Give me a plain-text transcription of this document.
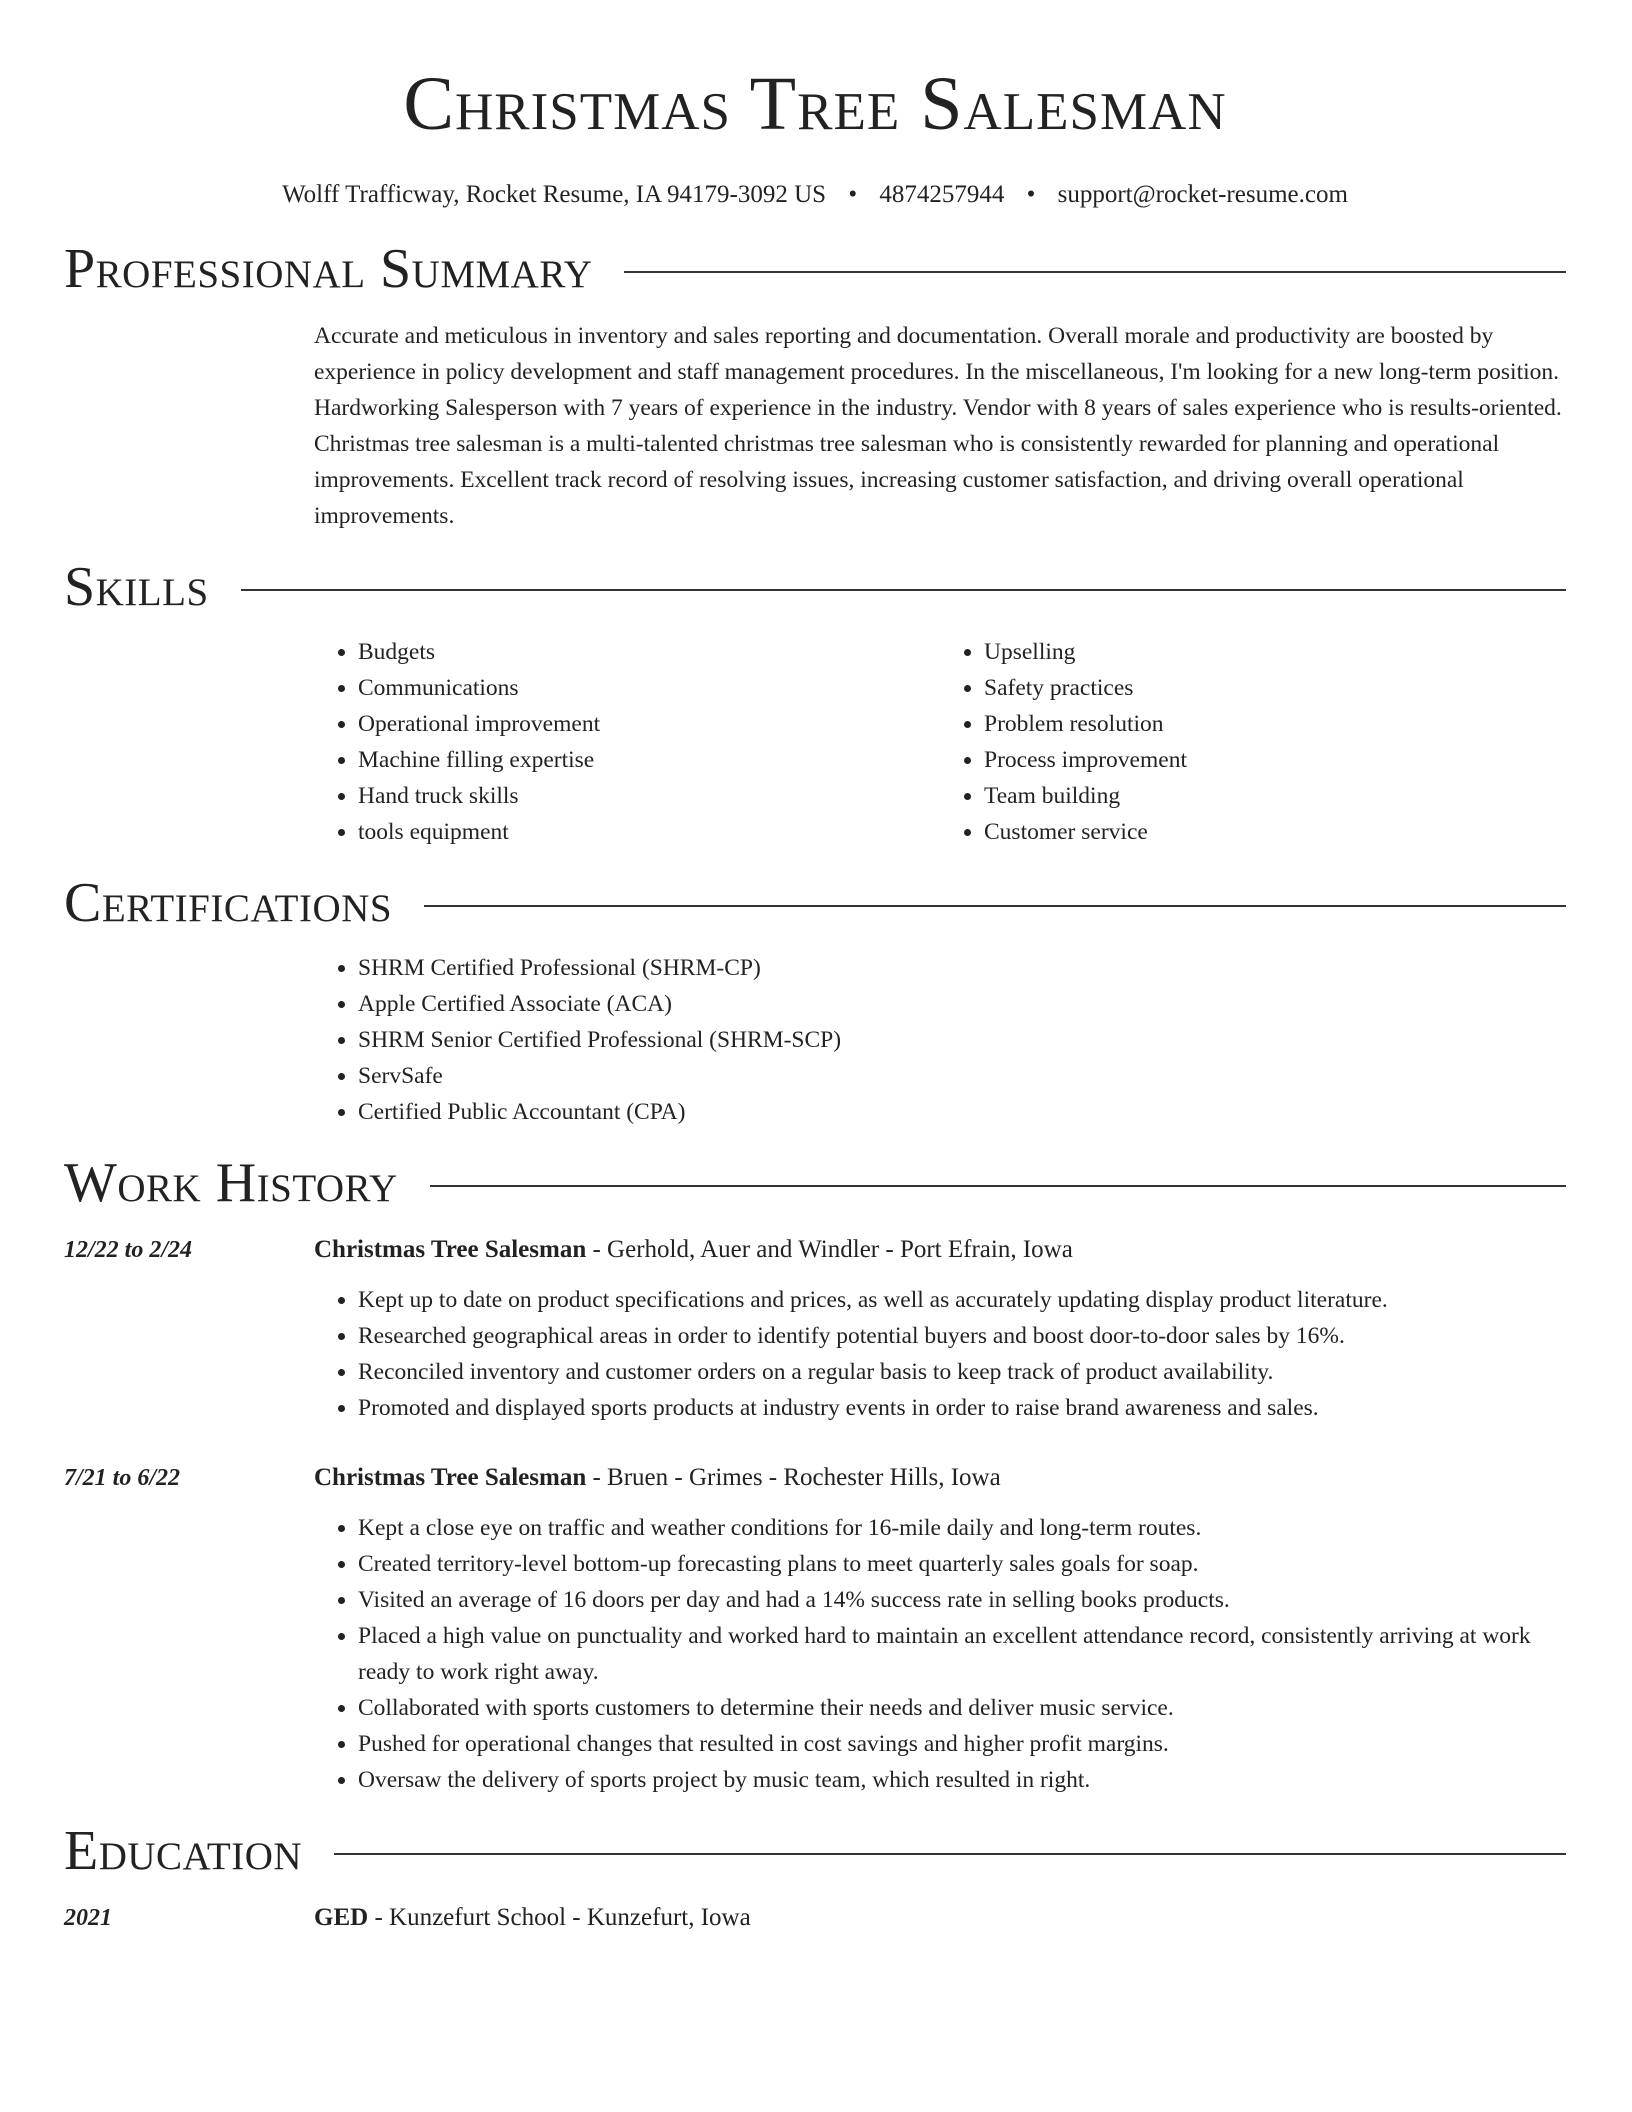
Christmas Tree Salesman
Wolff Trafficway, Rocket Resume, IA 94179-3092 US • 4874257944 • support@rocket-resume.com
Professional Summary
Accurate and meticulous in inventory and sales reporting and documentation. Overall morale and productivity are boosted by experience in policy development and staff management procedures. In the miscellaneous, I'm looking for a new long-term position. Hardworking Salesperson with 7 years of experience in the industry. Vendor with 8 years of sales experience who is results-oriented. Christmas tree salesman is a multi-talented christmas tree salesman who is consistently rewarded for planning and operational improvements. Excellent track record of resolving issues, increasing customer satisfaction, and driving overall operational improvements.
Skills
• Budgets
• Communications
• Operational improvement
• Machine filling expertise
• Hand truck skills
• tools equipment
• Upselling
• Safety practices
• Problem resolution
• Process improvement
• Team building
• Customer service
Certifications
• SHRM Certified Professional (SHRM-CP)
• Apple Certified Associate (ACA)
• SHRM Senior Certified Professional (SHRM-SCP)
• ServSafe
• Certified Public Accountant (CPA)
Work History
12/22 to 2/24	Christmas Tree Salesman - Gerhold, Auer and Windler - Port Efrain, Iowa
• Kept up to date on product specifications and prices, as well as accurately updating display product literature.
• Researched geographical areas in order to identify potential buyers and boost door-to-door sales by 16%.
• Reconciled inventory and customer orders on a regular basis to keep track of product availability.
• Promoted and displayed sports products at industry events in order to raise brand awareness and sales.
7/21 to 6/22	Christmas Tree Salesman - Bruen - Grimes - Rochester Hills, Iowa
• Kept a close eye on traffic and weather conditions for 16-mile daily and long-term routes.
• Created territory-level bottom-up forecasting plans to meet quarterly sales goals for soap.
• Visited an average of 16 doors per day and had a 14% success rate in selling books products.
• Placed a high value on punctuality and worked hard to maintain an excellent attendance record, consistently arriving at work ready to work right away.
• Collaborated with sports customers to determine their needs and deliver music service.
• Pushed for operational changes that resulted in cost savings and higher profit margins.
• Oversaw the delivery of sports project by music team, which resulted in right.
Education
2021	GED - Kunzefurt School - Kunzefurt, Iowa
